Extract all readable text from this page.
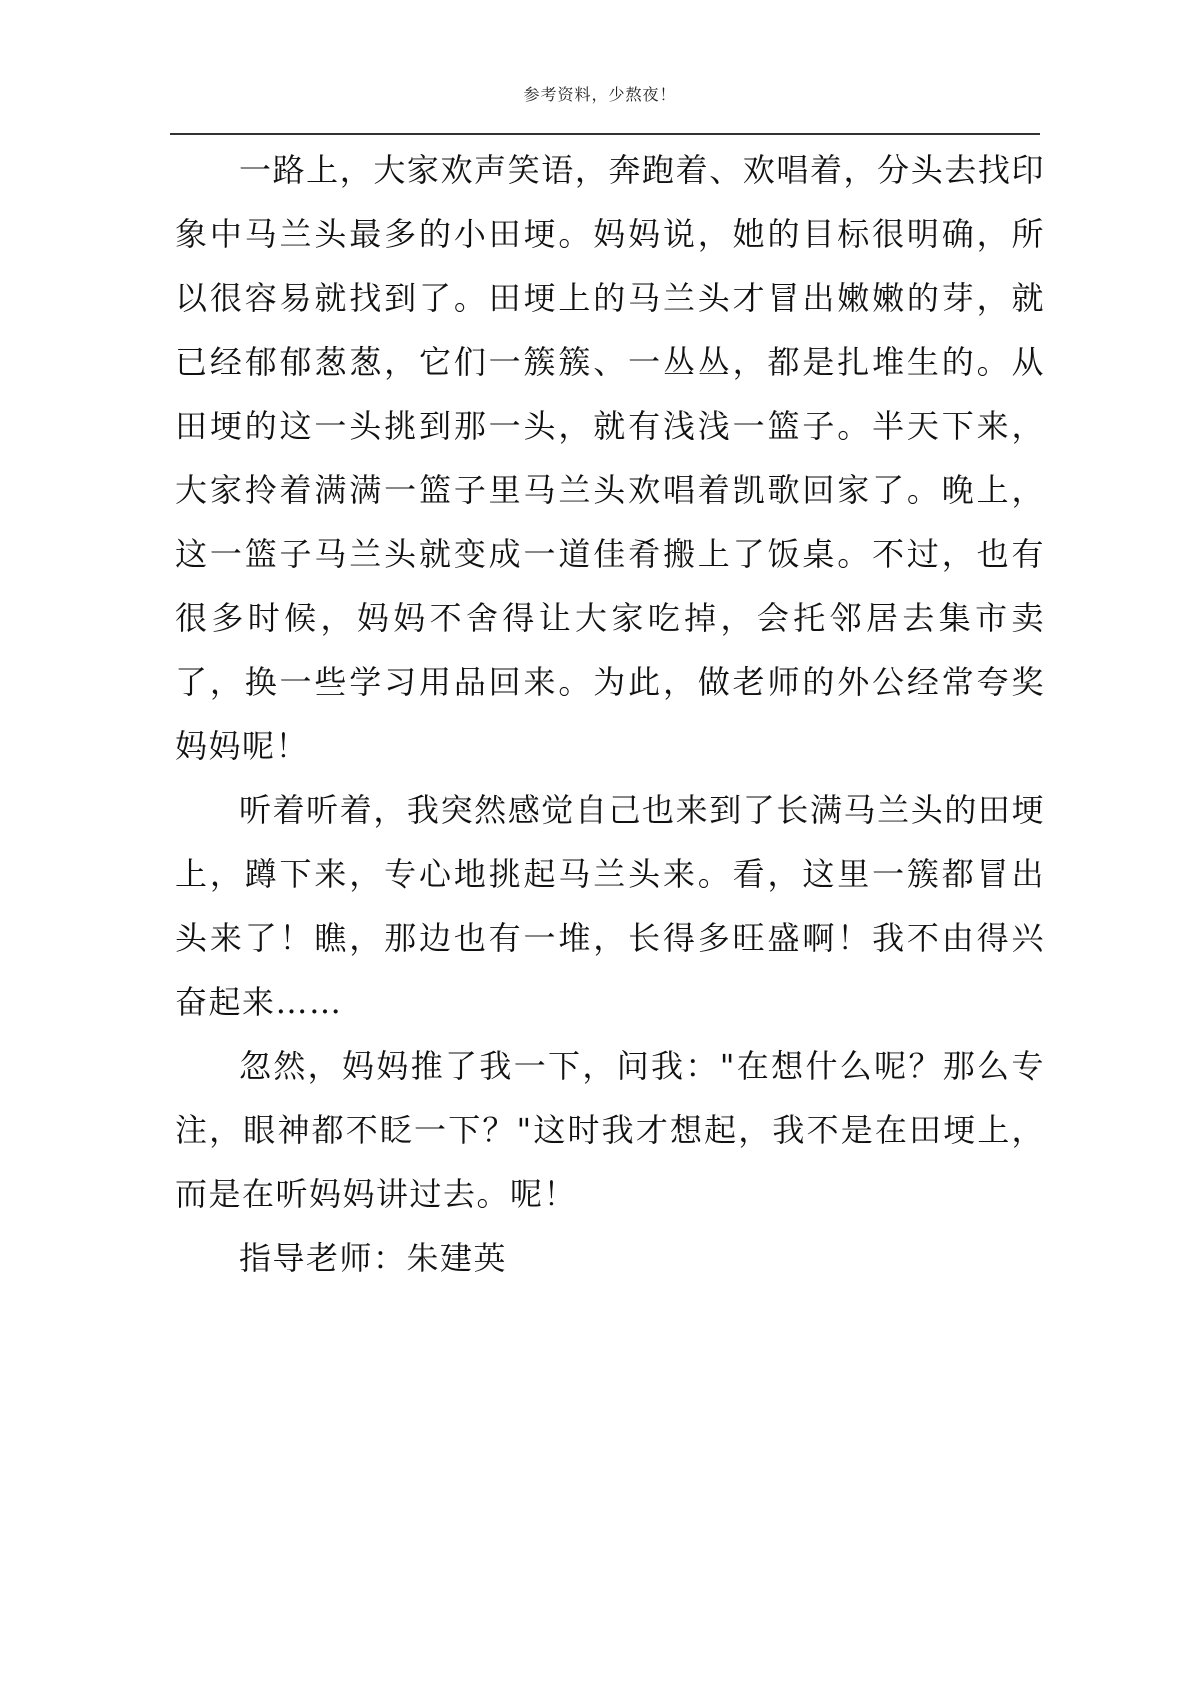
参考资料，少熬夜！

一路上，大家欢声笑语，奔跑着、欢唱着，分头去找印象中马兰头最多的小田埂。妈妈说，她的目标很明确，所以很容易就找到了。田埂上的马兰头才冒出嫩嫩的芽，就已经郁郁葱葱，它们一簇簇、一丛丛，都是扎堆生的。从田埂的这一头挑到那一头，就有浅浅一篮子。半天下来，大家拎着满满一篮子里马兰头欢唱着凯歌回家了。晚上，这一篮子马兰头就变成一道佳肴搬上了饭桌。不过，也有很多时候，妈妈不舍得让大家吃掉，会托邻居去集市卖了，换一些学习用品回来。为此，做老师的外公经常夸奖妈妈呢！

听着听着，我突然感觉自己也来到了长满马兰头的田埂上，蹲下来，专心地挑起马兰头来。看，这里一簇都冒出头来了！瞧，那边也有一堆，长得多旺盛啊！我不由得兴奋起来……

忽然，妈妈推了我一下，问我："在想什么呢？那么专注，眼神都不眨一下？"这时我才想起，我不是在田埂上，而是在听妈妈讲过去。呢！

指导老师：朱建英
